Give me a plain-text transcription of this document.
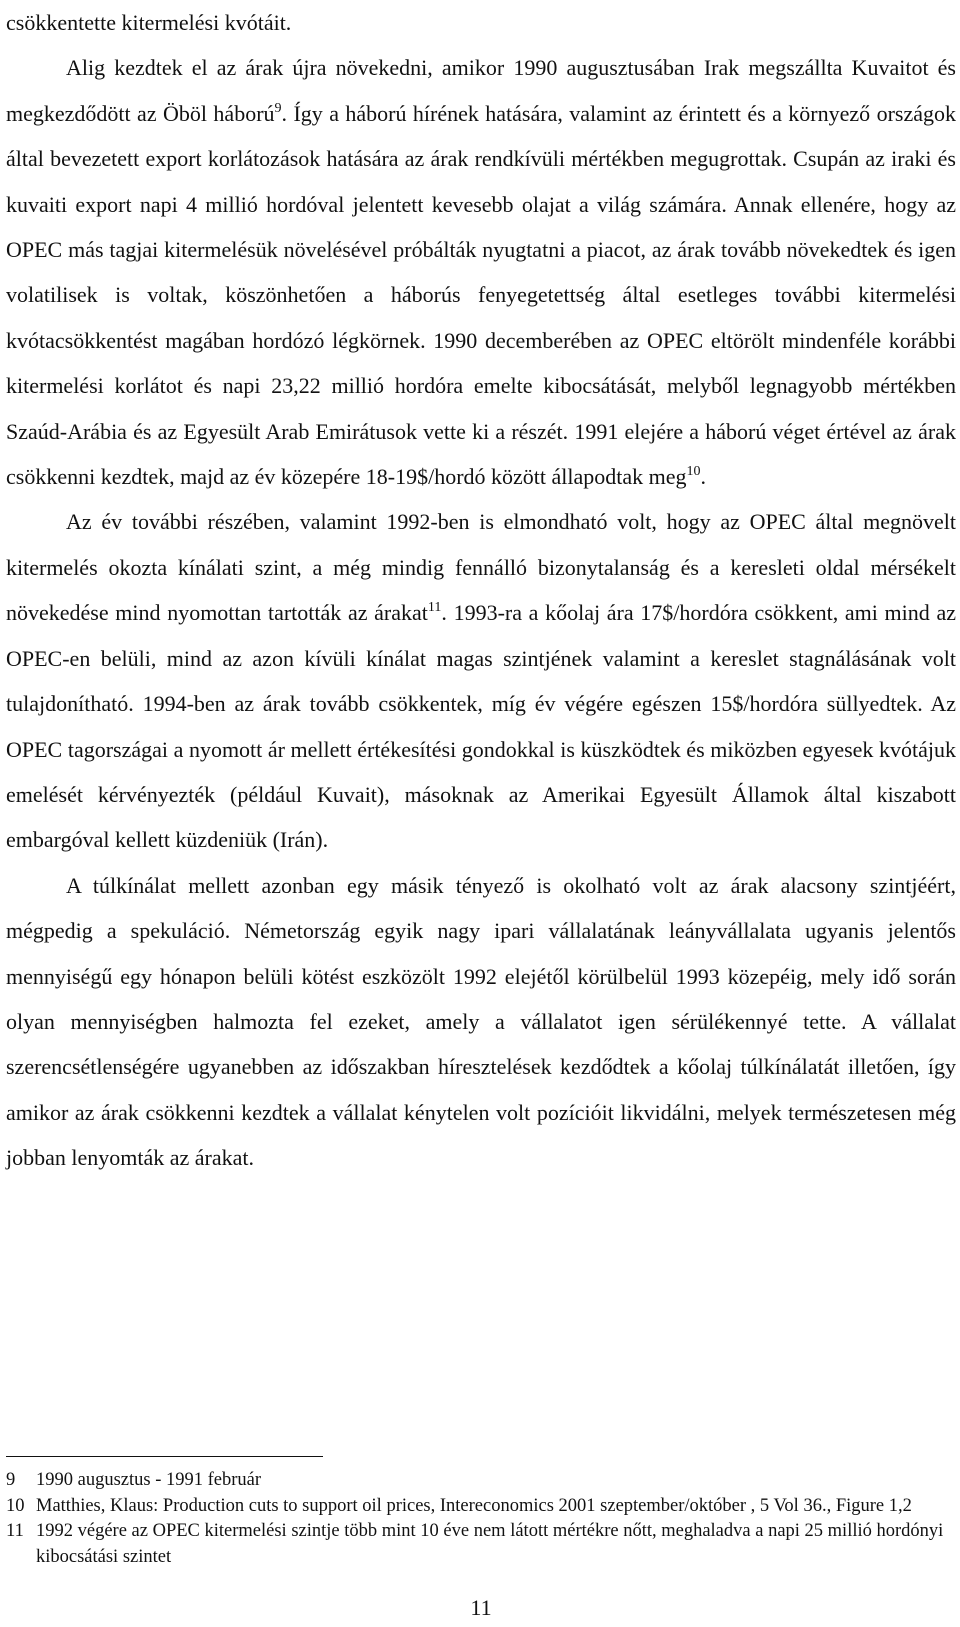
csökkentette kitermelési kvótáit.

Alig kezdtek el az árak újra növekedni, amikor 1990 augusztusában Irak megszállta Kuvaitot és megkezdődött az Öböl háború$^9$. Így a háború hírének hatására, valamint az érintett és a környező országok által bevezetett export korlátozások hatására az árak rendkívüli mértékben megugrottak. Csupán az iraki és kuvaiti export napi 4 millió hordóval jelentett kevesebb olajat a világ számára. Annak ellenére, hogy az OPEC más tagjai kitermelésük növelésével próbálták nyugtatni a piacot, az árak tovább növekedtek és igen volatilisek is voltak, köszönhetően a háborús fenyegetettség által esetleges további kitermelési kvótacsökkentést magában hordózó légkörnek. 1990 decemberében az OPEC eltörölt mindenféle korábbi kitermelési korlátot és napi 23,22 millió hordóra emelte kibocsátását, melyből legnagyobb mértékben Szaúd-Arábia és az Egyesült Arab Emirátusok vette ki a részét. 1991 elejére a háború véget értével az árak csökkenni kezdtek, majd az év közepére 18-19$/hordó között állapodtak meg$^{10}$.

Az év további részében, valamint 1992-ben is elmondható volt, hogy az OPEC által megnövelt kitermelés okozta kínálati szint, a még mindig fennálló bizonytalanság és a keresleti oldal mérsékelt növekedése mind nyomottan tartották az árakat$^{11}$. 1993-ra a kőolaj ára 17$/hordóra csökkent, ami mind az OPEC-en belüli, mind az azon kívüli kínálat magas szintjének valamint a kereslet stagnálásának volt tulajdonítható. 1994-ben az árak tovább csökkentek, míg év végére egészen 15$/hordóra süllyedtek. Az OPEC tagországai a nyomott ár mellett értékesítési gondokkal is küszködtek és miközben egyesek kvótájuk emelését kérvényezték (például Kuvait), másoknak az Amerikai Egyesült Államok által kiszabott embargóval kellett küzdeniük (Irán).

A túlkínálat mellett azonban egy másik tényező is okolható volt az árak alacsony szintjéért, mégpedig a spekuláció. Németország egyik nagy ipari vállalatának leányvállalata ugyanis jelentős mennyiségű egy hónapon belüli kötést eszközölt 1992 elejétől körülbelül 1993 közepéig, mely idő során olyan mennyiségben halmozta fel ezeket, amely a vállalatot igen sérülékennyé tette. A vállalat szerencsétlenségére ugyanebben az időszakban híresztelések kezdődtek a kőolaj túlkínálatát illetően, így amikor az árak csökkenni kezdtek a vállalat kénytelen volt pozícióit likvidálni, melyek természetesen még jobban lenyomták az árakat.

9	1990 augusztus - 1991 február
10 Matthies, Klaus: Production cuts to support oil prices, Intereconomics 2001 szeptember/október , 5 Vol 36., Figure 1,2
11 1992 végére az OPEC kitermelési szintje több mint 10 éve nem látott mértékre nőtt, meghaladva a napi 25 millió hordónyi kibocsátási szintet
11
